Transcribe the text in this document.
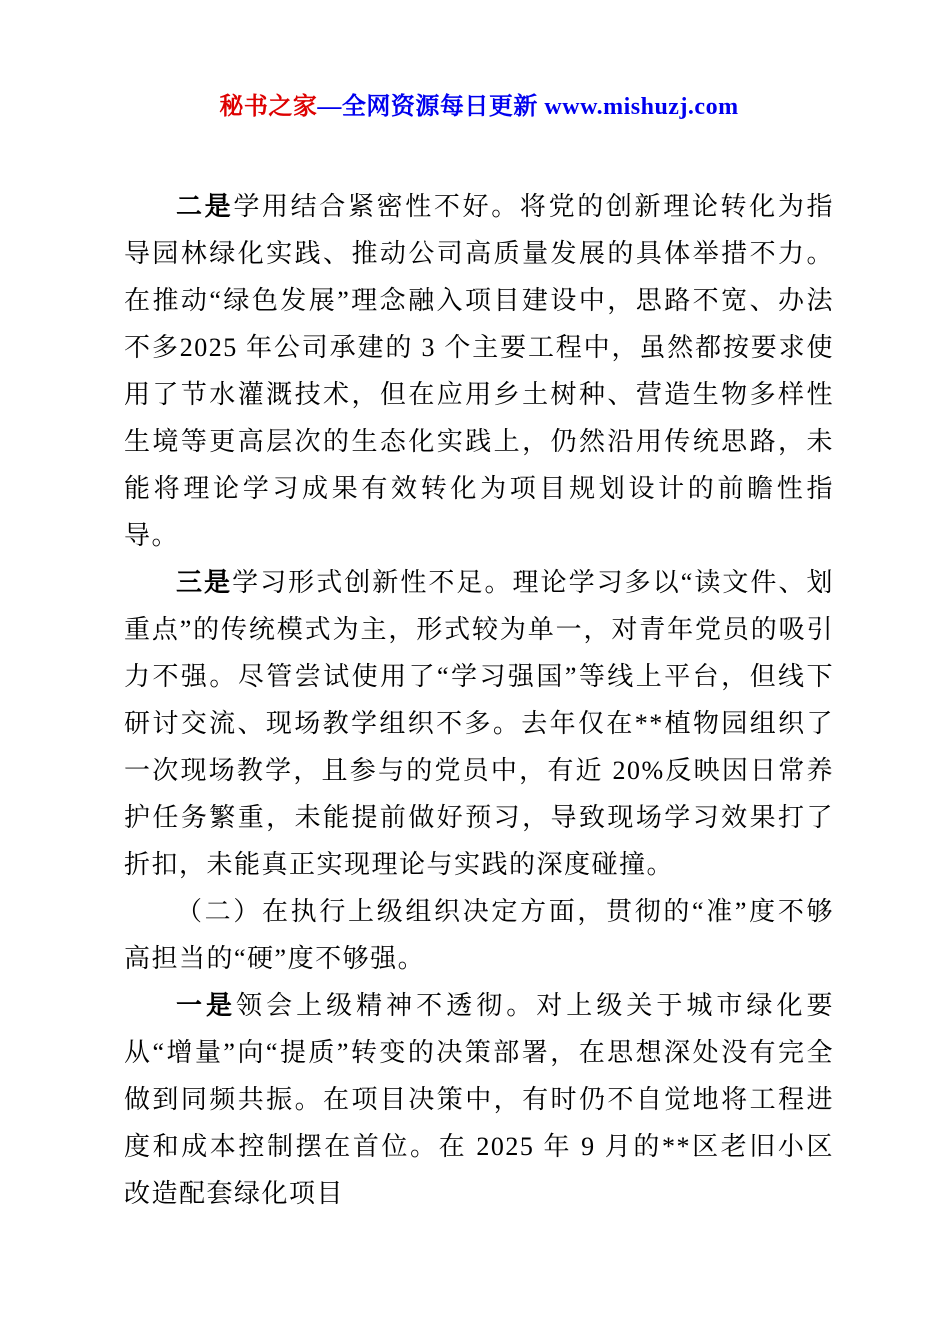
秘书之家—全网资源每日更新 www.mishuzj.com

二是学用结合紧密性不好。将党的创新理论转化为指导园林绿化实践、推动公司高质量发展的具体举措不力。在推动“绿色发展”理念融入项目建设中，思路不宽、办法不多2025 年公司承建的 3 个主要工程中，虽然都按要求使用了节水灌溉技术，但在应用乡土树种、营造生物多样性生境等更高层次的生态化实践上，仍然沿用传统思路，未能将理论学习成果有效转化为项目规划设计的前瞻性指导。

三是学习形式创新性不足。理论学习多以“读文件、划重点”的传统模式为主，形式较为单一，对青年党员的吸引力不强。尽管尝试使用了“学习强国”等线上平台，但线下研讨交流、现场教学组织不多。去年仅在**植物园组织了一次现场教学，且参与的党员中，有近 20%反映因日常养护任务繁重，未能提前做好预习，导致现场学习效果打了折扣，未能真正实现理论与实践的深度碰撞。

（二）在执行上级组织决定方面，贯彻的“准”度不够高担当的“硬”度不够强。

一是领会上级精神不透彻。对上级关于城市绿化要从“增量”向“提质”转变的决策部署，在思想深处没有完全做到同频共振。在项目决策中，有时仍不自觉地将工程进度和成本控制摆在首位。在 2025 年 9 月的**区老旧小区改造配套绿化项目
